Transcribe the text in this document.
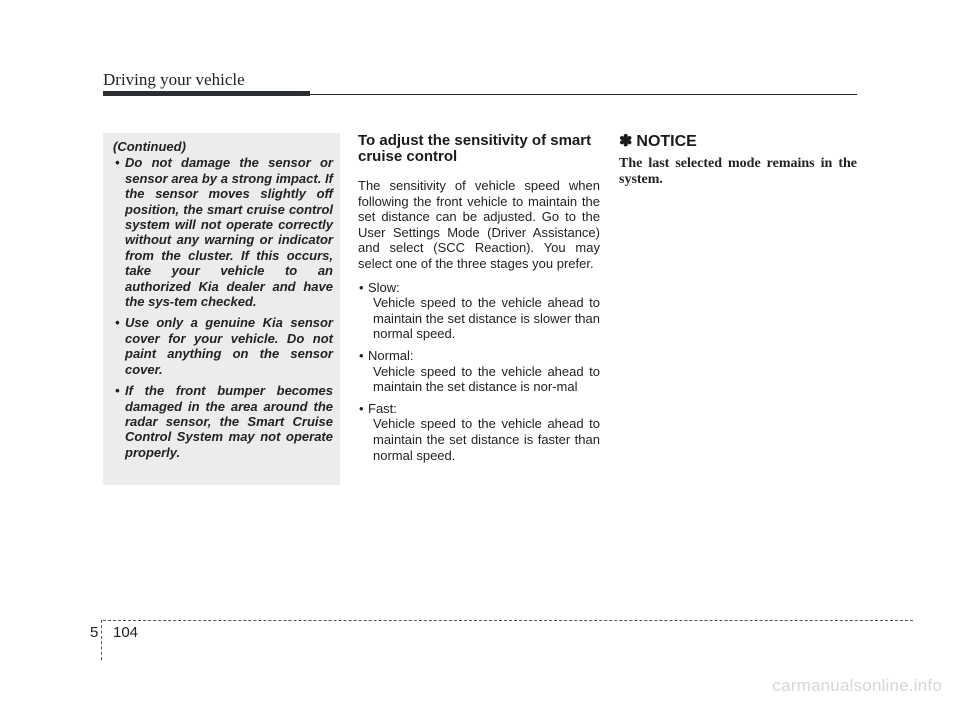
Driving your vehicle
(Continued)
• Do not damage the sensor or sensor area by a strong impact. If the sensor moves slightly off position, the smart cruise control system will not operate correctly without any warning or indicator from the cluster. If this occurs, take your vehicle to an authorized Kia dealer and have the sys-tem checked.
• Use only a genuine Kia sensor cover for your vehicle. Do not paint anything on the sensor cover.
• If the front bumper becomes damaged in the area around the radar sensor, the Smart Cruise Control System may not operate properly.
To adjust the sensitivity of smart cruise control

The sensitivity of vehicle speed when following the front vehicle to maintain the set distance can be adjusted. Go to the User Settings Mode (Driver Assistance) and select (SCC Reaction). You may select one of the three stages you prefer.

• Slow:
Vehicle speed to the vehicle ahead to maintain the set distance is slower than normal speed.
• Normal:
Vehicle speed to the vehicle ahead to maintain the set distance is nor-mal
• Fast:
Vehicle speed to the vehicle ahead to maintain the set distance is faster than normal speed.
✽ NOTICE

The last selected mode remains in the system.

5 104
carmanualsonline.info
